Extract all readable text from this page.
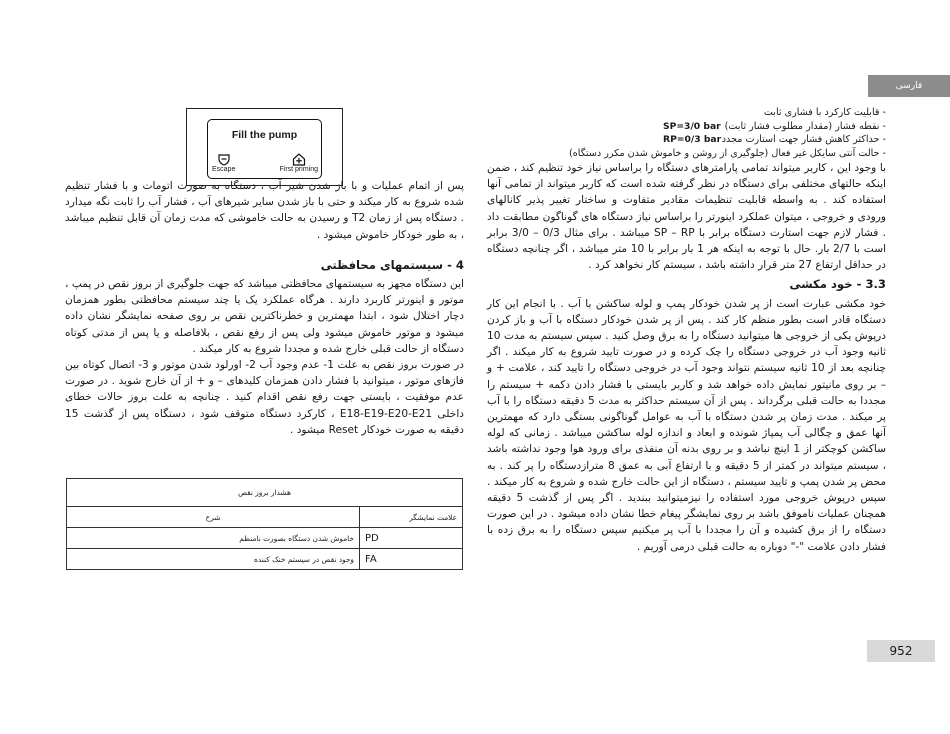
فارسی
- قابلیت کارکرد با فشاری ثابت
- نقطه فشار (مقدار مطلوب فشار ثابت)
SP=3/0 bar
- حداکثر کاهش فشار جهت استارت مجدد
RP=0/3 bar
- حالت آنتی سایکل غیر فعال (جلوگیری از روشن و خاموش شدن مکرر دستگاه)

با وجود این ، کاربر میتواند تمامی پارامترهای دستگاه را براساس نیاز خود تنظیم کند ، ضمن اینکه حالتهای مختلفی برای دستگاه در نظر گرفته شده است که کاربر میتواند از تمامی آنها استفاده کند . به واسطه قابلیت تنظیمات مقادیر متفاوت و ساختار تغییر پذیر کانالهای ورودی و خروجی ، میتوان عملکرد اینورتر را براساس نیاز دستگاه های گوناگون مطابقت داد . فشار لازم جهت استارت دستگاه برابر با SP – RP میباشد . برای مثال 0/3 – 3/0 برابر است با 2/7 بار. حال با توجه به اینکه هر 1 بار برابر با 10 متر میباشد ، اگر چنانچه دستگاه در حداقل ارتفاع 27 متر قرار داشته باشد ، سیستم کار نخواهد کرد .

3.3 - خود مکشی

خود مکشی عبارت است از پر شدن خودکار پمپ و لوله ساکشن با آب . با انجام این کار دستگاه قادر است بطور منظم کار کند . پس از پر شدن خودکار دستگاه با آب و باز کردن درپوش یکی از خروجی ها میتوانید دستگاه را به برق وصل کنید . سپس سیستم به مدت 10 ثانیه وجود آب در خروجی دستگاه را چک کرده و در صورت تایید شروع به کار میکند . اگر چنانچه بعد از 10 ثانیه سیستم نتواند وجود آب در خروجی دستگاه را تایید کند ، علامت + و – بر روی مانیتور نمایش داده خواهد شد و کاربر بایستی با فشار دادن دکمه + سیستم را مجددا به حالت قبلی برگرداند . پس از آن سیستم حداکثر به مدت 5 دقیقه دستگاه را با آب پر میکند . مدت زمان پر شدن دستگاه با آب به عوامل گوناگونی بستگی دارد که مهمترین آنها عمق و چگالی آب پمپاژ شونده و ابعاد و اندازه لوله ساکشن میباشد . زمانی که لوله ساکشن کوچکتر از 1 اینچ نباشد و بر روی بدنه آن منفذی برای ورود هوا وجود نداشته باشد ، سیستم میتواند در کمتر از 5 دقیقه و با ارتفاع آبی به عمق 8 مترازدستگاه را پر کند . به محض پر شدن پمپ و تایید سیستم ، دستگاه از این حالت خارج شده و شروع به کار میکند . سپس درپوش خروجی مورد استفاده را نیزمیتوانید ببندید . اگر پس از گذشت 5 دقیقه همچنان عملیات ناموفق باشد بر روی نمایشگر پیغام خطا نشان داده میشود . در این صورت دستگاه را از برق کشیده و آن را مجددا با آب پر میکنیم سپس دستگاه را به برق زده با فشار دادن علامت "-" دوباره به حالت قبلی درمی آوریم .

Fill the pump
Escape	First priming

پس از اتمام عملیات و با باز شدن شیر آب ، دستگاه به صورت اتومات و با فشار تنظیم شده شروع به کار میکند و حتی با باز شدن سایر شیرهای آب ، فشار آب را ثابت نگه میدارد . دستگاه پس از زمان T2 و رسیدن به حالت خاموشی که مدت زمان آن قابل تنظیم میباشد ، به طور خودکار خاموش میشود .

4 - سیستمهای محافظتی

این دستگاه مجهز به سیستمهای محافظتی میباشد که جهت جلوگیری از بروز نقص در پمپ ، موتور و اینورتر کاربرد دارند . هرگاه عملکرد یک یا چند سیستم محافظتی بطور همزمان دچار اختلال شود ، ابتدا مهمترین و خطرناکترین نقص بر روی صفحه نمایشگر نشان داده میشود و موتور خاموش میشود ولی پس از رفع نقص ، بلافاصله و یا پس از مدتی کوتاه دستگاه از حالت قبلی خارج شده و مجددا شروع به کار میکند .

در صورت بروز نقص به علت 1- عدم وجود آب 2- اورلود شدن موتور و 3- اتصال کوتاه بین فازهای موتور ، میتوانید با فشار دادن همزمان کلیدهای – و + از آن خارج شوید . در صورت عدم موفقیت ، بایستی جهت رفع نقص اقدام کنید . چنانچه به علت بروز حالات خطای داخلی E18-E19-E20-E21 ، کارکرد دستگاه متوقف شود ، دستگاه پس از گذشت 15 دقیقه به صورت خودکار Reset میشود .

هشدار بروز نقص	
علامت نمایشگر	شرح
PD	خاموش شدن دستگاه بصورت نامنظم
FA	وجود نقص در سیستم خنک کننده
952
